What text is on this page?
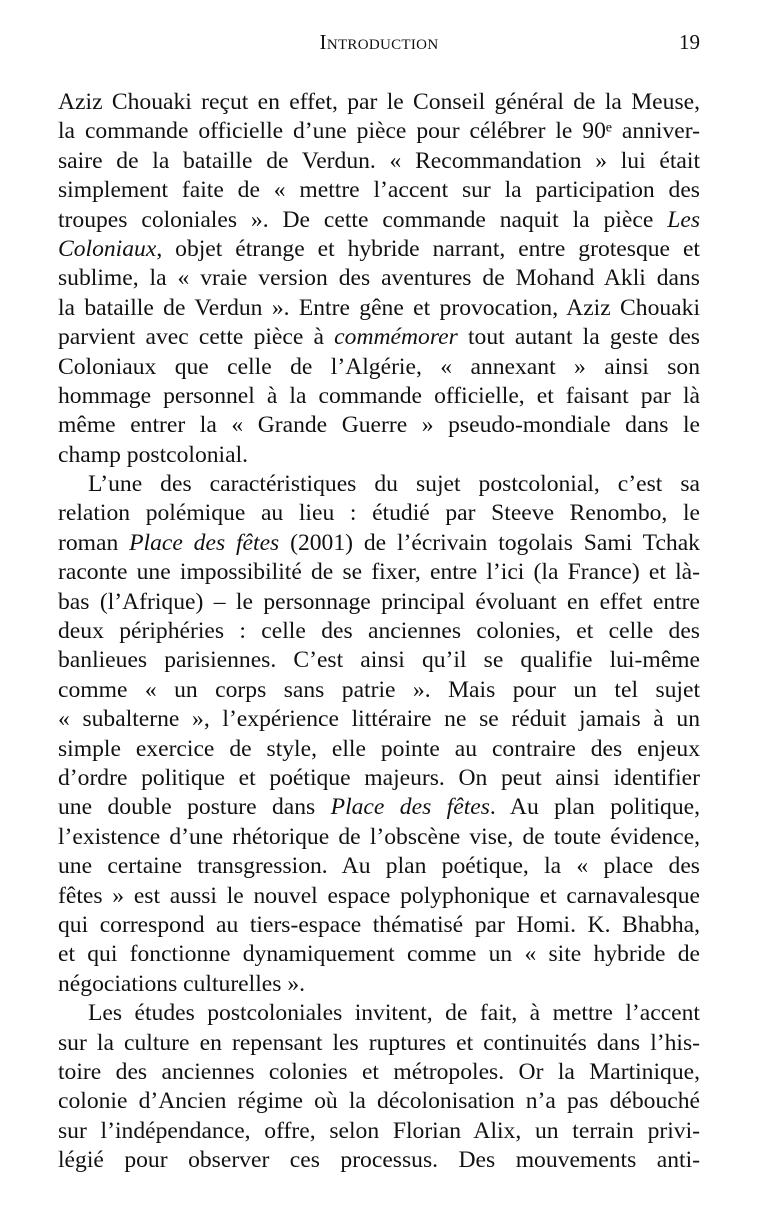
Introduction	19
Aziz Chouaki reçut en effet, par le Conseil général de la Meuse,
la commande officielle d’une pièce pour célébrer le 90ᵉ anniver-
saire de la bataille de Verdun. « Recommandation » lui était
simplement faite de « mettre l’accent sur la participation des
troupes coloniales ». De cette commande naquit la pièce Les
Coloniaux, objet étrange et hybride narrant, entre grotesque et
sublime, la « vraie version des aventures de Mohand Akli dans
la bataille de Verdun ». Entre gêne et provocation, Aziz Chouaki
parvient avec cette pièce à commémorer tout autant la geste des
Coloniaux que celle de l’Algérie, « annexant » ainsi son
hommage personnel à la commande officielle, et faisant par là
même entrer la « Grande Guerre » pseudo-mondiale dans le
champ postcolonial.
L’une des caractéristiques du sujet postcolonial, c’est sa
relation polémique au lieu : étudié par Steeve Renombo, le
roman Place des fêtes (2001) de l’écrivain togolais Sami Tchak
raconte une impossibilité de se fixer, entre l’ici (la France) et là-
bas (l’Afrique) – le personnage principal évoluant en effet entre
deux périphéries : celle des anciennes colonies, et celle des
banlieues parisiennes. C’est ainsi qu’il se qualifie lui-même
comme « un corps sans patrie ». Mais pour un tel sujet
« subalterne », l’expérience littéraire ne se réduit jamais à un
simple exercice de style, elle pointe au contraire des enjeux
d’ordre politique et poétique majeurs. On peut ainsi identifier
une double posture dans Place des fêtes. Au plan politique,
l’existence d’une rhétorique de l’obscène vise, de toute évidence,
une certaine transgression. Au plan poétique, la « place des
fêtes » est aussi le nouvel espace polyphonique et carnavalesque
qui correspond au tiers-espace thématisé par Homi. K. Bhabha,
et qui fonctionne dynamiquement comme un « site hybride de
négociations culturelles ».
Les études postcoloniales invitent, de fait, à mettre l’accent
sur la culture en repensant les ruptures et continuités dans l’his-
toire des anciennes colonies et métropoles. Or la Martinique,
colonie d’Ancien régime où la décolonisation n’a pas débouché
sur l’indépendance, offre, selon Florian Alix, un terrain privi-
légié pour observer ces processus. Des mouvements anti-
